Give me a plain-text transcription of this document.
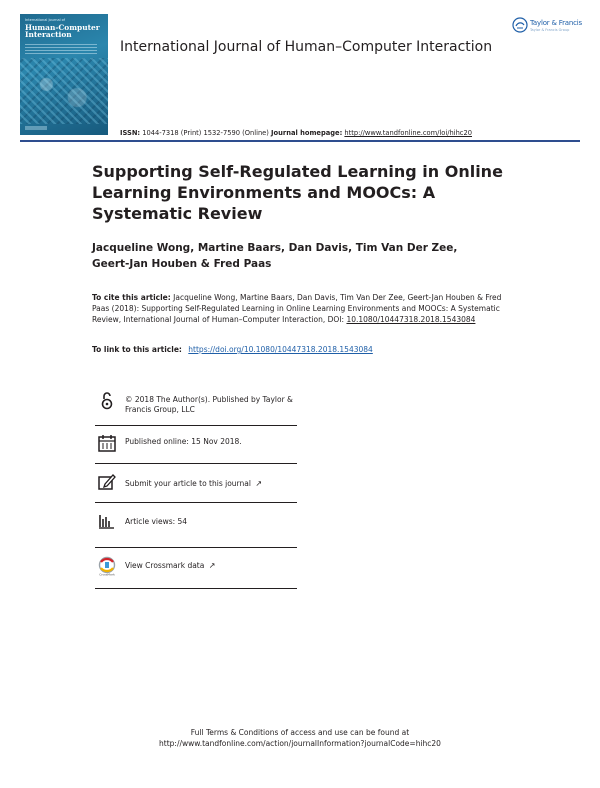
International Journal of
Human-Computer
Interaction
International Journal of Human–Computer Interaction
Taylor & Francis
Taylor & Francis Group
ISSN: 1044-7318 (Print) 1532-7590 (Online) Journal homepage: http://www.tandfonline.com/loi/hihc20
Supporting Self-Regulated Learning in Online Learning Environments and MOOCs: A Systematic Review
Jacqueline Wong, Martine Baars, Dan Davis, Tim Van Der Zee, Geert-Jan Houben & Fred Paas
To cite this article: Jacqueline Wong, Martine Baars, Dan Davis, Tim Van Der Zee, Geert-Jan Houben & Fred Paas (2018): Supporting Self-Regulated Learning in Online Learning Environments and MOOCs: A Systematic Review, International Journal of Human–Computer Interaction, DOI: 10.1080/10447318.2018.1543084
To link to this article: https://doi.org/10.1080/10447318.2018.1543084
© 2018 The Author(s). Published by Taylor & Francis Group, LLC
Published online: 15 Nov 2018.
Submit your article to this journal ↗
Article views: 54
CrossMark
View Crossmark data ↗
Full Terms & Conditions of access and use can be found at
http://www.tandfonline.com/action/journalInformation?journalCode=hihc20
